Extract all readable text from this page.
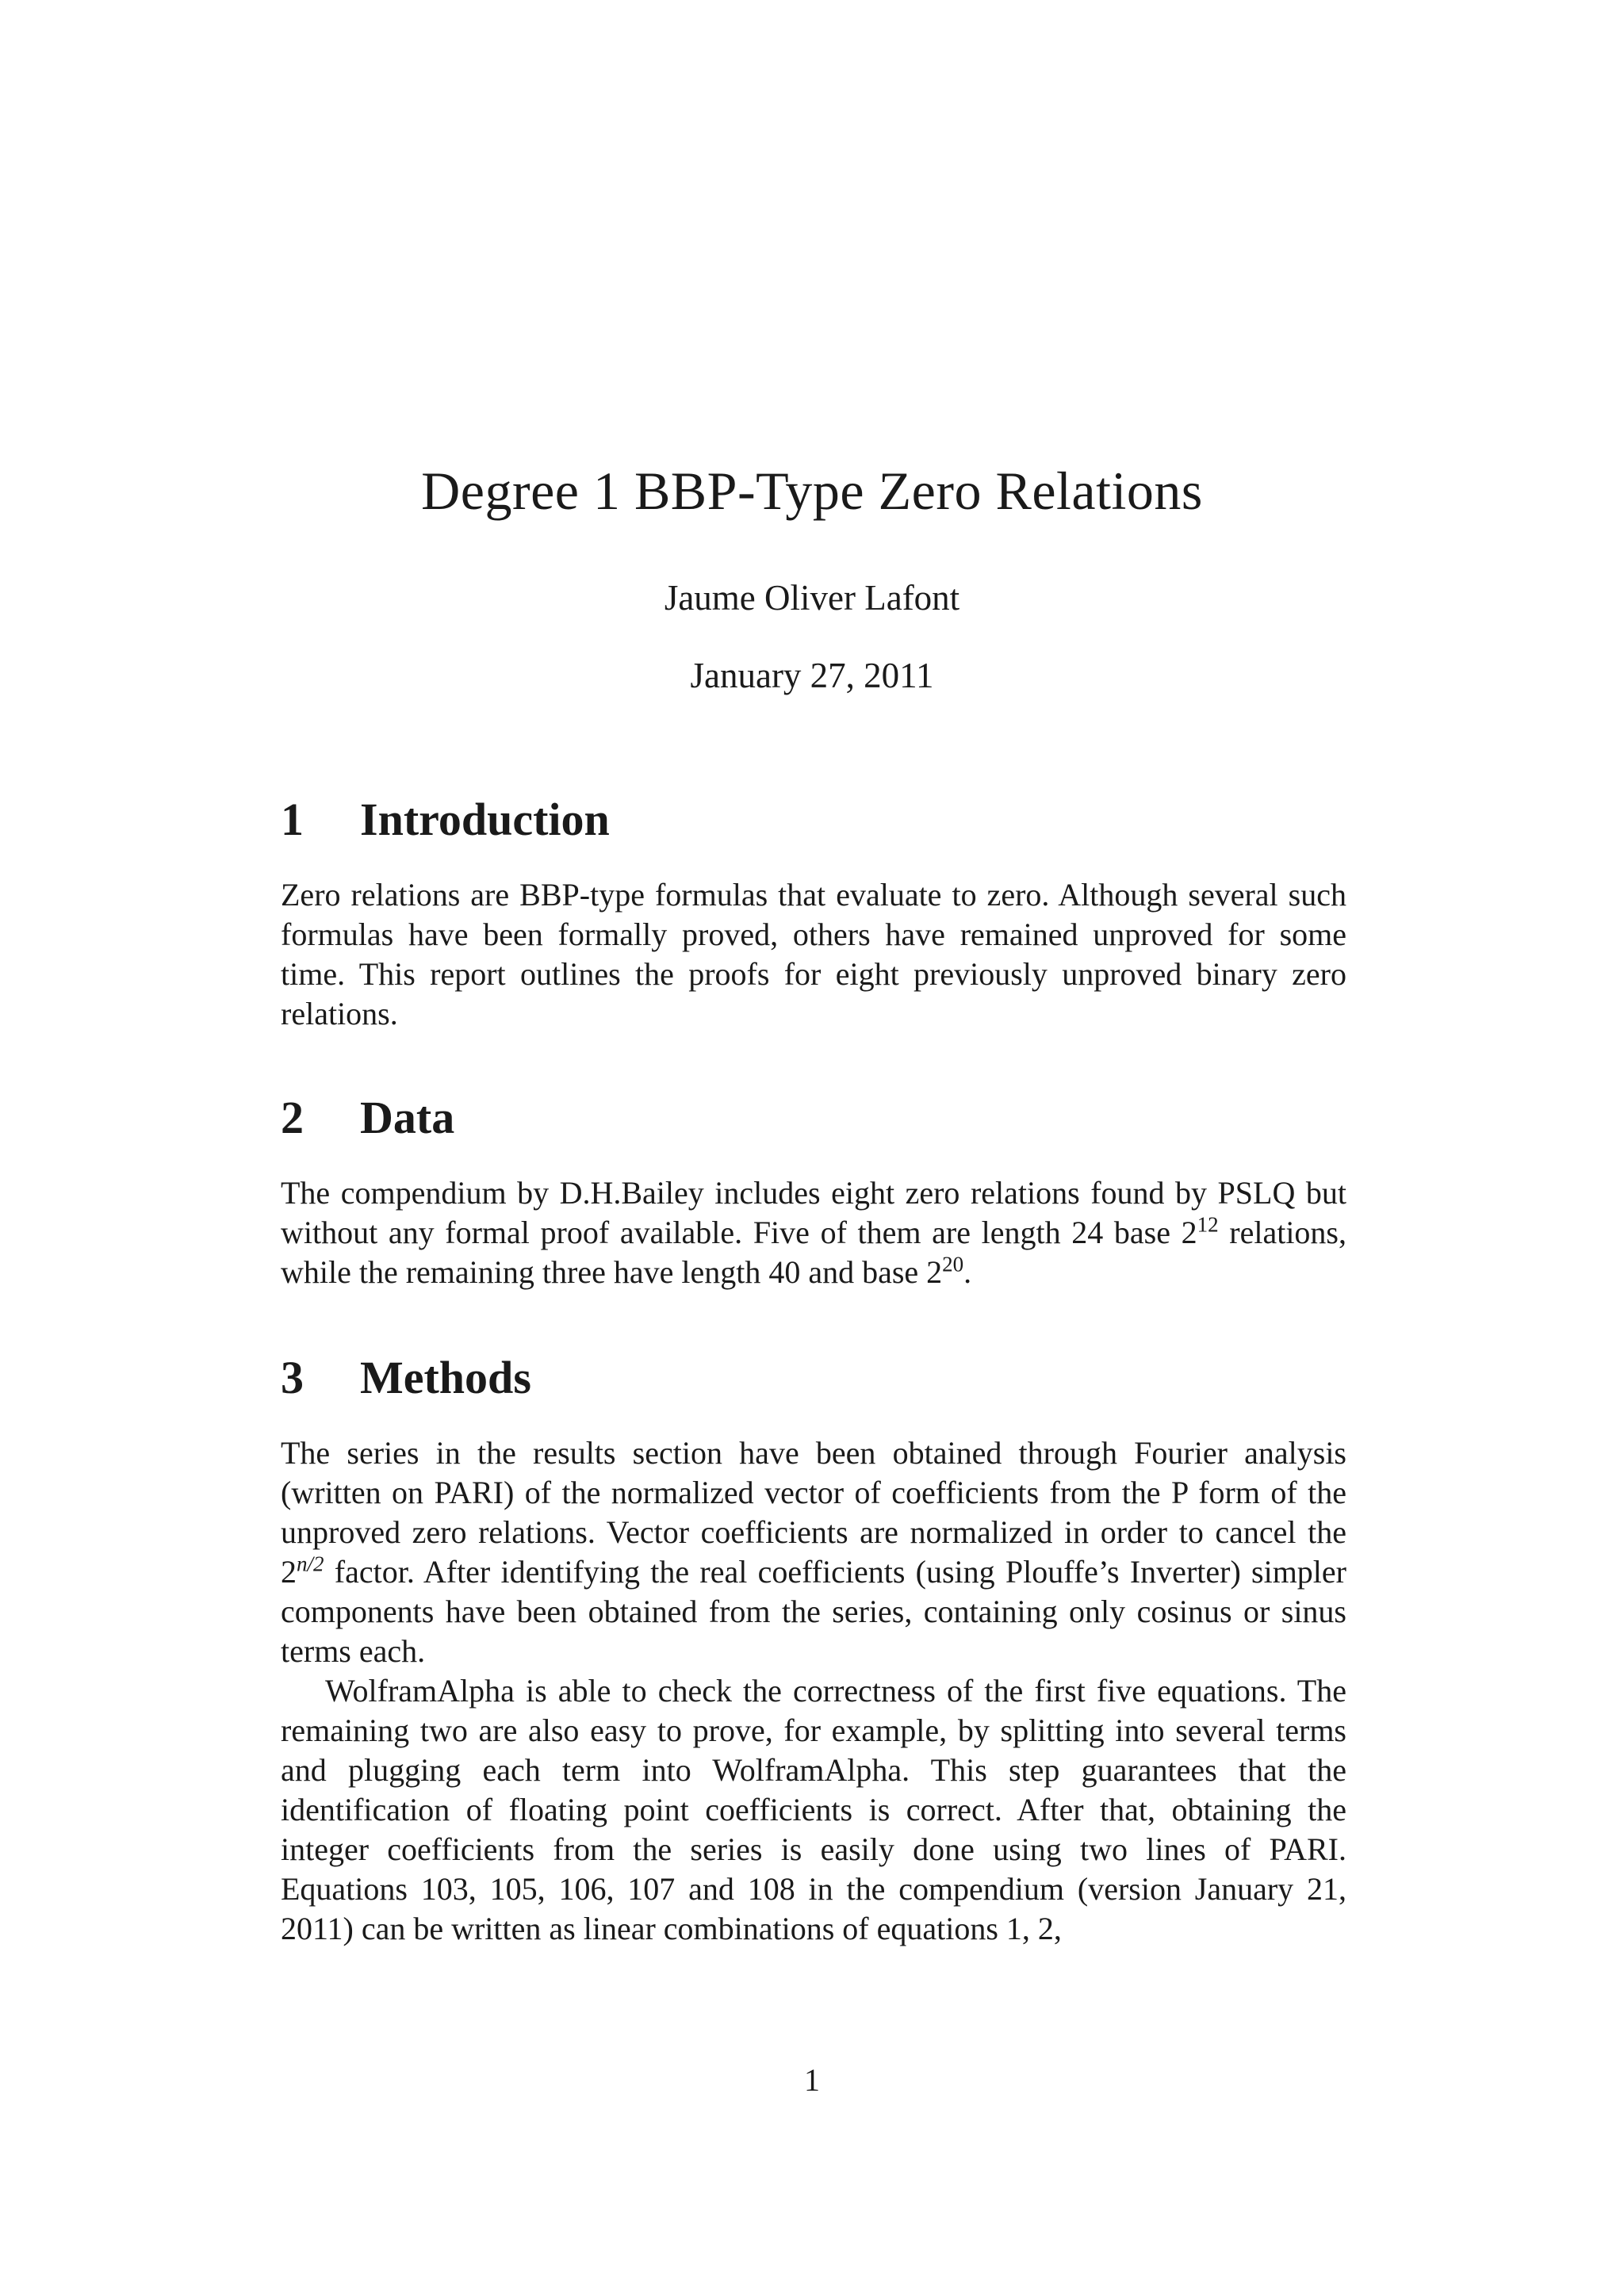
Degree 1 BBP-Type Zero Relations
Jaume Oliver Lafont
January 27, 2011
1	Introduction

Zero relations are BBP-type formulas that evaluate to zero. Although several such formulas have been formally proved, others have remained unproved for some time. This report outlines the proofs for eight previously unproved binary zero relations.

2	Data

The compendium by D.H.Bailey includes eight zero relations found by PSLQ but without any formal proof available. Five of them are length 24 base $2^{12}$ relations, while the remaining three have length 40 and base $2^{20}$.

3	Methods

The series in the results section have been obtained through Fourier analysis (written on PARI) of the normalized vector of coefficients from the P form of the unproved zero relations. Vector coefficients are normalized in order to cancel the $2^{n/2}$ factor. After identifying the real coefficients (using Plouffe’s Inverter) simpler components have been obtained from the series, containing only cosinus or sinus terms each.

WolframAlpha is able to check the correctness of the first five equations. The remaining two are also easy to prove, for example, by splitting into several terms and plugging each term into WolframAlpha. This step guarantees that the identification of floating point coefficients is correct. After that, obtaining the integer coefficients from the series is easily done using two lines of PARI. Equations 103, 105, 106, 107 and 108 in the compendium (version January 21, 2011) can be written as linear combinations of equations 1, 2,

1
